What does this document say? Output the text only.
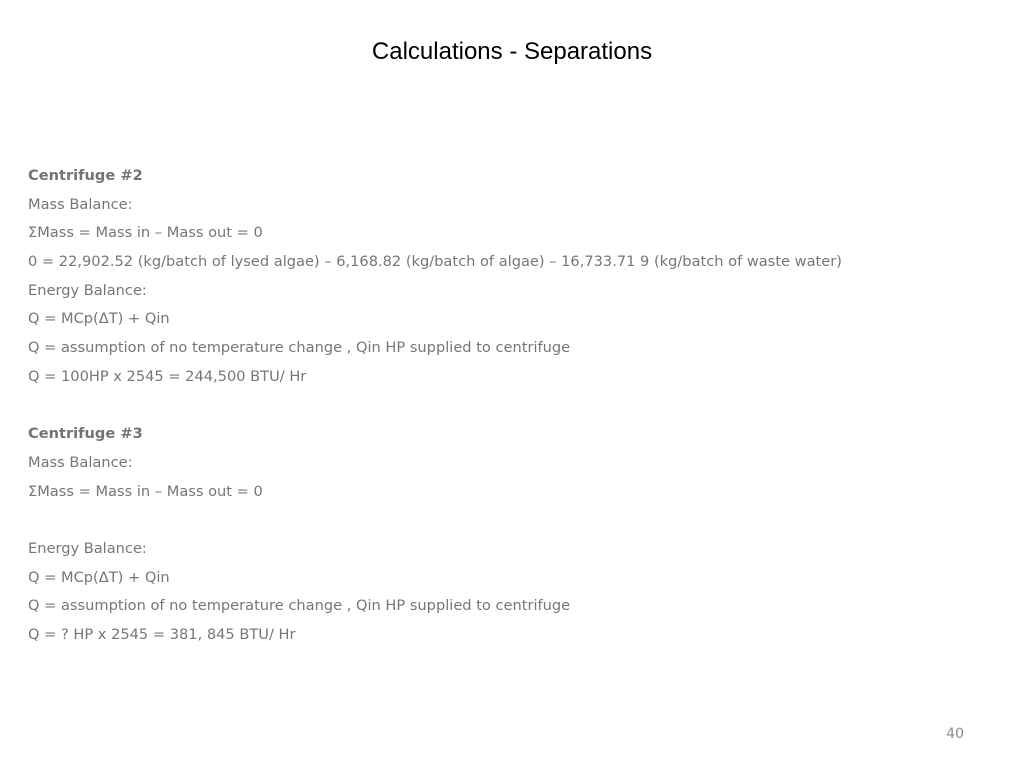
Calculations - Separations
Centrifuge #2
Mass Balance:
ΣMass = Mass in – Mass out = 0
0 = 22,902.52 (kg/batch of lysed algae) – 6,168.82 (kg/batch of algae) – 16,733.71 9 (kg/batch of waste water)
Energy Balance:
Q = MCp(ΔT) + Qin
Q = assumption of no temperature change , Qin HP supplied to centrifuge
Q = 100HP x 2545 = 244,500 BTU/ Hr
Centrifuge #3
Mass Balance:
ΣMass = Mass in – Mass out = 0
Energy Balance:
Q = MCp(ΔT) + Qin
Q = assumption of no temperature change , Qin HP supplied to centrifuge
Q = ? HP x 2545 = 381, 845 BTU/ Hr
40
